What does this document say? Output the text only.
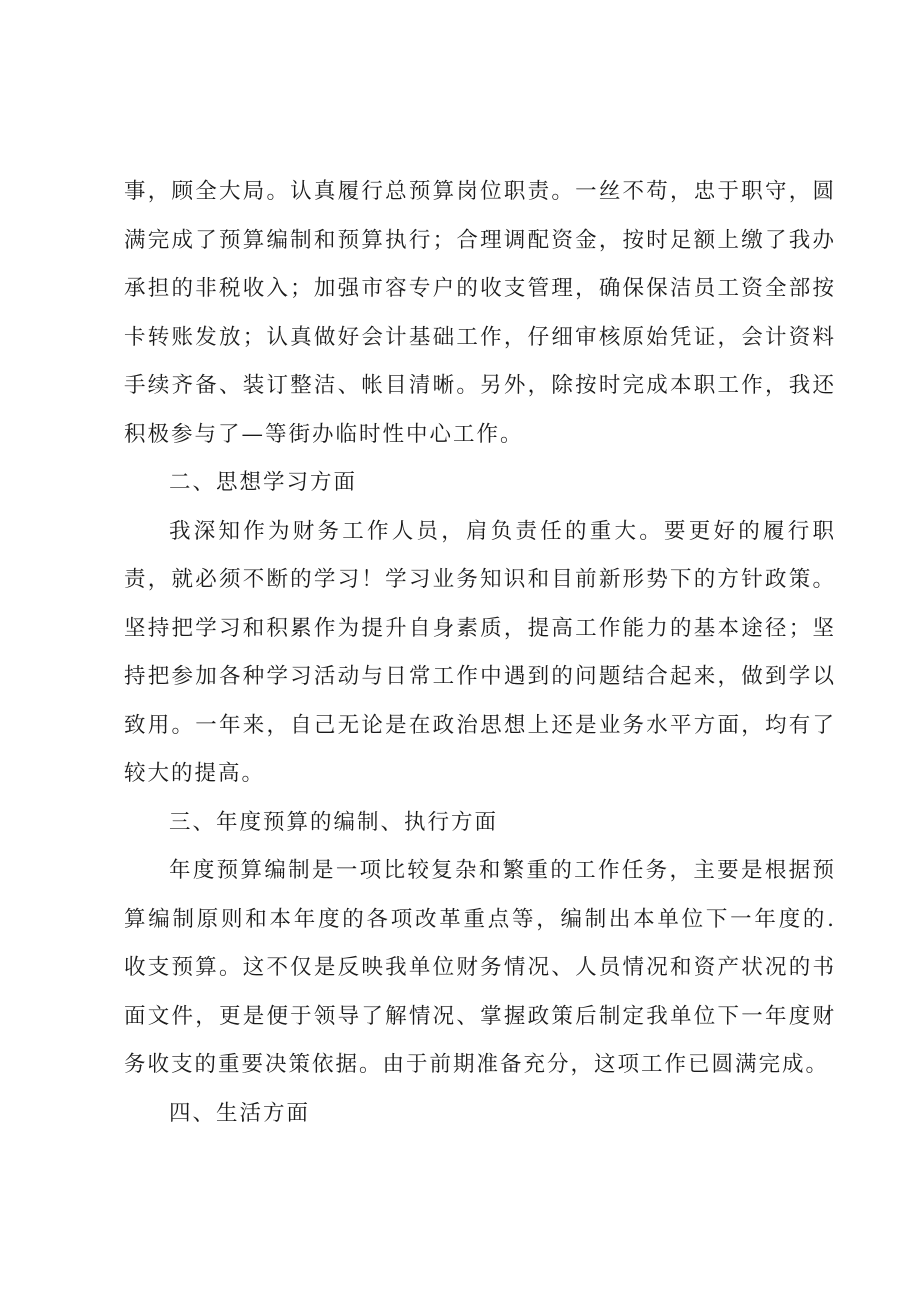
事，顾全大局。认真履行总预算岗位职责。一丝不苟，忠于职守，圆满完成了预算编制和预算执行；合理调配资金，按时足额上缴了我办承担的非税收入；加强市容专户的收支管理，确保保洁员工资全部按卡转账发放；认真做好会计基础工作，仔细审核原始凭证，会计资料手续齐备、装订整洁、帐目清晰。另外，除按时完成本职工作，我还积极参与了—等街办临时性中心工作。

二、思想学习方面

我深知作为财务工作人员，肩负责任的重大。要更好的履行职责，就必须不断的学习！学习业务知识和目前新形势下的方针政策。坚持把学习和积累作为提升自身素质，提高工作能力的基本途径；坚持把参加各种学习活动与日常工作中遇到的问题结合起来，做到学以致用。一年来，自己无论是在政治思想上还是业务水平方面，均有了较大的提高。

三、年度预算的编制、执行方面

年度预算编制是一项比较复杂和繁重的工作任务，主要是根据预算编制原则和本年度的各项改革重点等，编制出本单位下一年度的.收支预算。这不仅是反映我单位财务情况、人员情况和资产状况的书面文件，更是便于领导了解情况、掌握政策后制定我单位下一年度财务收支的重要决策依据。由于前期准备充分，这项工作已圆满完成。

四、生活方面
